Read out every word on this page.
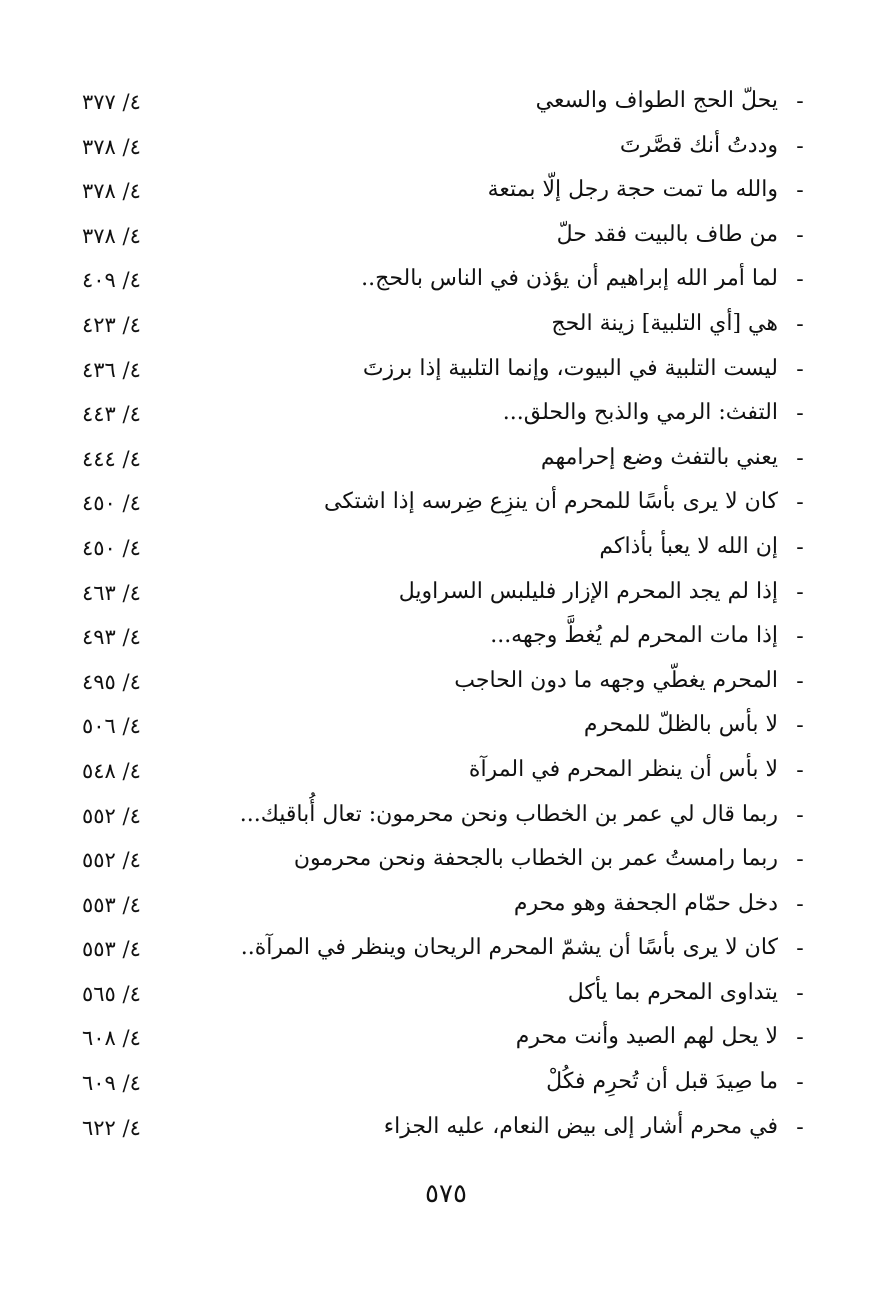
-
يحلّ الحج الطواف والسعي
٤/ ٣٧٧
-
وددتُ أنك قصَّرتَ
٤/ ٣٧٨
-
والله ما تمت حجة رجل إلّا بمتعة
٤/ ٣٧٨
-
من طاف بالبيت فقد حلّ
٤/ ٣٧٨
-
لما أمر الله إبراهيم أن يؤذن في الناس بالحج..
٤/ ٤٠٩
-
هي [أي التلبية] زينة الحج
٤/ ٤٢٣
-
ليست التلبية في البيوت، وإنما التلبية إذا برزتَ
٤/ ٤٣٦
-
التفث: الرمي والذبح والحلق...
٤/ ٤٤٣
-
يعني بالتفث وضع إحرامهم
٤/ ٤٤٤
-
كان لا يرى بأسًا للمحرم أن ينزِع ضِرسه إذا اشتكى
٤/ ٤٥٠
-
إن الله لا يعبأ بأذاكم
٤/ ٤٥٠
-
إذا لم يجد المحرم الإزار فليلبس السراويل
٤/ ٤٦٣
-
إذا مات المحرم لم يُغطَّ وجهه...
٤/ ٤٩٣
-
المحرم يغطّي وجهه ما دون الحاجب
٤/ ٤٩٥
-
لا بأس بالظلّ للمحرم
٤/ ٥٠٦
-
لا بأس أن ينظر المحرم في المرآة
٤/ ٥٤٨
-
ربما قال لي عمر بن الخطاب ونحن محرمون: تعال أُباقيك...
٤/ ٥٥٢
-
ربما رامستُ عمر بن الخطاب بالجحفة ونحن محرمون
٤/ ٥٥٢
-
دخل حمّام الجحفة وهو محرم
٤/ ٥٥٣
-
كان لا يرى بأسًا أن يشمّ المحرم الريحان وينظر في المرآة..
٤/ ٥٥٣
-
يتداوى المحرم بما يأكل
٤/ ٥٦٥
-
لا يحل لهم الصيد وأنت محرم
٤/ ٦٠٨
-
ما صِيدَ قبل أن تُحرِم فكُلْ
٤/ ٦٠٩
-
في محرم أشار إلى بيض النعام، عليه الجزاء
٤/ ٦٢٢
٥٧٥
